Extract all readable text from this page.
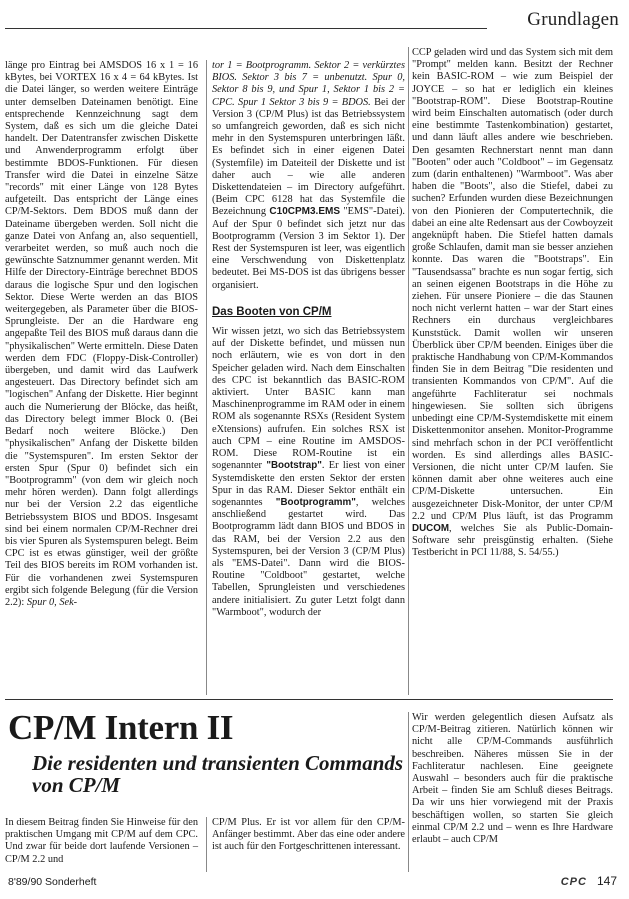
Grundlagen

länge pro Eintrag bei AMSDOS 16 x 1 = 16 kBytes, bei VORTEX 16 x 4 = 64 kBytes. Ist die Datei länger, so werden weitere Einträge unter demselben Dateinamen benötigt. Eine entsprechende Kennzeichnung sagt dem System, daß es sich um die gleiche Datei handelt. Der Datentransfer zwischen Diskette und Anwenderprogramm erfolgt über bestimmte BDOS-Funktionen. Für diesen Transfer wird die Datei in einzelne Sätze "records" mit einer Länge von 128 Bytes aufgeteilt. Das entspricht der Länge eines CP/M-Sektors. Dem BDOS muß dann der Dateiname übergeben werden. Soll nicht die ganze Datei von Anfang an, also sequentiell, verarbeitet werden, so muß auch noch die gewünschte Satznummer genannt werden. Mit Hilfe der Directory-Einträge berechnet BDOS daraus die logische Spur und den logischen Sektor. Diese Werte werden an das BIOS weitergegeben, als Parameter über die BIOS-Sprungleiste. Der an die Hardware eng angepaßte Teil des BIOS muß daraus dann die "physikalischen" Werte ermitteln. Diese Daten werden dem FDC (Floppy-Disk-Controller) übergeben, und damit wird das Laufwerk angesteuert. Das Directory befindet sich am "logischen" Anfang der Diskette. Hier beginnt auch die Numerierung der Blöcke, das heißt, das Directory belegt immer Block 0. (Bei Bedarf noch weitere Blöcke.) Den "physikalischen" Anfang der Diskette bilden die "Systemspuren". Im ersten Sektor der ersten Spur (Spur 0) befindet sich ein "Bootprogramm" (von dem wir gleich noch mehr hören werden). Dann folgt allerdings nur bei der Version 2.2 das eigentliche Betriebssystem BIOS und BDOS. Insgesamt sind bei einem normalen CP/M-Rechner drei bis vier Spuren als Systemspuren belegt. Beim CPC ist es etwas günstiger, weil der größte Teil des BIOS bereits im ROM vorhanden ist. Für die vorhandenen zwei Systemspuren ergibt sich folgende Belegung (für die Version 2.2): Spur 0, Sek-

tor 1 = Bootprogramm. Sektor 2 = verkürztes BIOS. Sektor 3 bis 7 = unbenutzt. Spur 0, Sektor 8 bis 9, und Spur 1, Sektor 1 bis 2 = CPC. Spur 1 Sektor 3 bis 9 = BDOS. Bei der Version 3 (CP/M Plus) ist das Betriebssystem so umfangreich geworden, daß es sich nicht mehr in den Systemspuren unterbringen läßt. Es befindet sich in einer eigenen Datei (Systemfile) im Dateiteil der Diskette und ist daher auch – wie alle anderen Diskettendateien – im Directory aufgeführt. (Beim CPC 6128 hat das Systemfile die Bezeichnung C10CPM3.EMS "EMS"-Datei). Auf der Spur 0 befindet sich jetzt nur das Bootprogramm (Version 3 im Sektor 1). Der Rest der Systemspuren ist leer, was eigentlich eine Verschwendung von Diskettenplatz bedeutet. Bei MS-DOS ist das übrigens besser organisiert.

Das Booten von CP/M

Wir wissen jetzt, wo sich das Betriebssystem auf der Diskette befindet, und müssen nun noch erläutern, wie es von dort in den Speicher geladen wird. Nach dem Einschalten des CPC ist bekanntlich das BASIC-ROM aktiviert. Unter BASIC kann man Maschinenprogramme im RAM oder in einem ROM als sogenannte RSXs (Resident System eXtensions) aufrufen. Ein solches RSX ist auch CPM – eine Routine im AMSDOS-ROM. Diese ROM-Routine ist ein sogenannter "Bootstrap". Er liest von einer Systemdiskette den ersten Sektor der ersten Spur in das RAM. Dieser Sektor enthält ein sogenanntes "Bootprogramm", welches anschließend gestartet wird. Das Bootprogramm lädt dann BIOS und BDOS in das RAM, bei der Version 2.2 aus den Systemspuren, bei der Version 3 (CP/M Plus) als "EMS-Datei". Dann wird die BIOS-Routine "Coldboot" gestartet, welche Tabellen, Sprungleisten und verschiedenes andere initialisiert. Zu guter Letzt folgt dann "Warmboot", wodurch der

CCP geladen wird und das System sich mit dem "Prompt" melden kann. Besitzt der Rechner kein BASIC-ROM – wie zum Beispiel der JOYCE – so hat er lediglich ein kleines "Bootstrap-ROM". Diese Bootstrap-Routine wird beim Einschalten automatisch (oder durch eine bestimmte Tastenkombination) gestartet, und dann läuft alles andere wie beschrieben. Den gesamten Rechnerstart nennt man dann "Booten" oder auch "Coldboot" – im Gegensatz zum (darin enthaltenen) "Warmboot". Was aber haben die "Boots", also die Stiefel, dabei zu suchen? Erfunden wurden diese Bezeichnungen von den Pionieren der Computertechnik, die dabei an eine alte Redensart aus der Cowboyzeit angeknüpft haben. Die Stiefel hatten damals große Schlaufen, damit man sie besser anziehen konnte. Das waren die "Bootstraps". Ein "Tausendsassa" brachte es nun sogar fertig, sich an seinen eigenen Bootstraps in die Höhe zu ziehen. Für unsere Pioniere – die das Staunen noch nicht verlernt hatten – war der Start eines Rechners ein durchaus vergleichbares Kunststück. Damit wollen wir unseren Überblick über CP/M beenden. Einiges über die praktische Handhabung von CP/M-Kommandos finden Sie in dem Beitrag "Die residenten und transienten Kommandos von CP/M". Auf die angeführte Fachliteratur sei nochmals hingewiesen. Sie sollten sich übrigens unbedingt eine CP/M-Systemdiskette mit einem Diskettenmonitor ansehen. Monitor-Programme sind mehrfach schon in der PCI veröffentlicht worden. Es sind allerdings alles BASIC-Versionen, die nicht unter CP/M laufen. Sie können damit aber ohne weiteres auch eine CP/M-Diskette untersuchen. Ein ausgezeichneter Disk-Monitor, der unter CP/M 2.2 und CP/M Plus läuft, ist das Programm DUCOM, welches Sie als Public-Domain-Software sehr preisgünstig erhalten. (Siehe Testbericht in PCI 11/88, S. 54/55.)

CP/M Intern II
Die residenten und transienten Commands von CP/M

In diesem Beitrag finden Sie Hinweise für den praktischen Umgang mit CP/M auf dem CPC. Und zwar für beide dort laufende Versionen – CP/M 2.2 und

CP/M Plus. Er ist vor allem für den CP/M-Anfänger bestimmt. Aber das eine oder andere ist auch für den Fortgeschrittenen interessant.

Wir werden gelegentlich diesen Aufsatz als CP/M-Beitrag zitieren. Natürlich können wir nicht alle CP/M-Commands ausführlich beschreiben. Näheres müssen Sie in der Fachliteratur nachlesen. Eine geeignete Auswahl – besonders auch für die praktische Arbeit – finden Sie am Schluß dieses Beitrags. Da wir uns hier vorwiegend mit der Praxis beschäftigen wollen, so starten Sie gleich einmal CP/M 2.2 und – wenn es Ihre Hardware erlaubt – auch CP/M

8'89/90 Sonderheft	CPC 147
